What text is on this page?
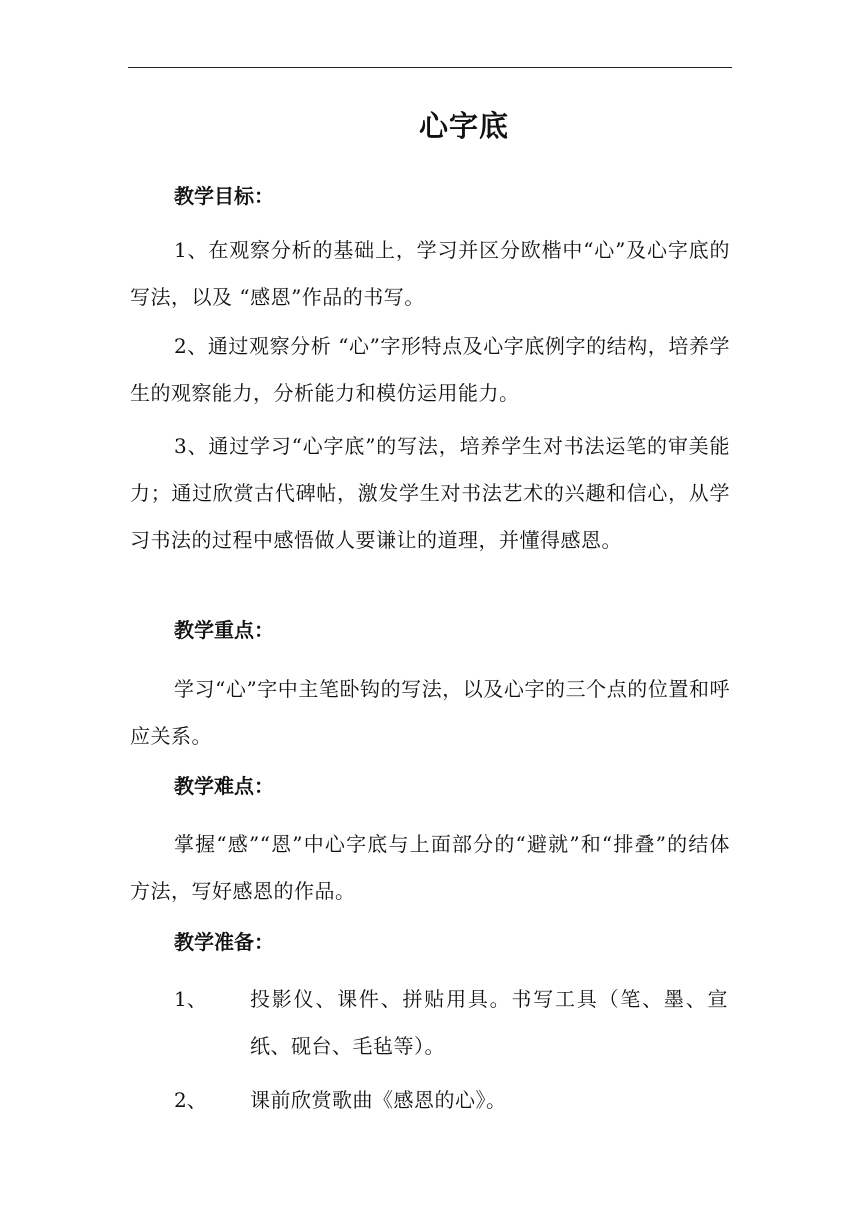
心字底
教学目标：
1、在观察分析的基础上，学习并区分欧楷中“心”及心字底的写法，以及 “感恩”作品的书写。
2、通过观察分析 “心”字形特点及心字底例字的结构，培养学生的观察能力，分析能力和模仿运用能力。
3、通过学习“心字底”的写法，培养学生对书法运笔的审美能力；通过欣赏古代碑帖，激发学生对书法艺术的兴趣和信心，从学习书法的过程中感悟做人要谦让的道理，并懂得感恩。
教学重点：
学习“心”字中主笔卧钩的写法，以及心字的三个点的位置和呼应关系。
教学难点：
掌握“感”“恩”中心字底与上面部分的“避就”和“排叠”的结体方法，写好感恩的作品。
教学准备：
1、 投影仪、课件、拼贴用具。书写工具（笔、墨、宣纸、砚台、毛毡等）。
2、 课前欣赏歌曲《感恩的心》。
